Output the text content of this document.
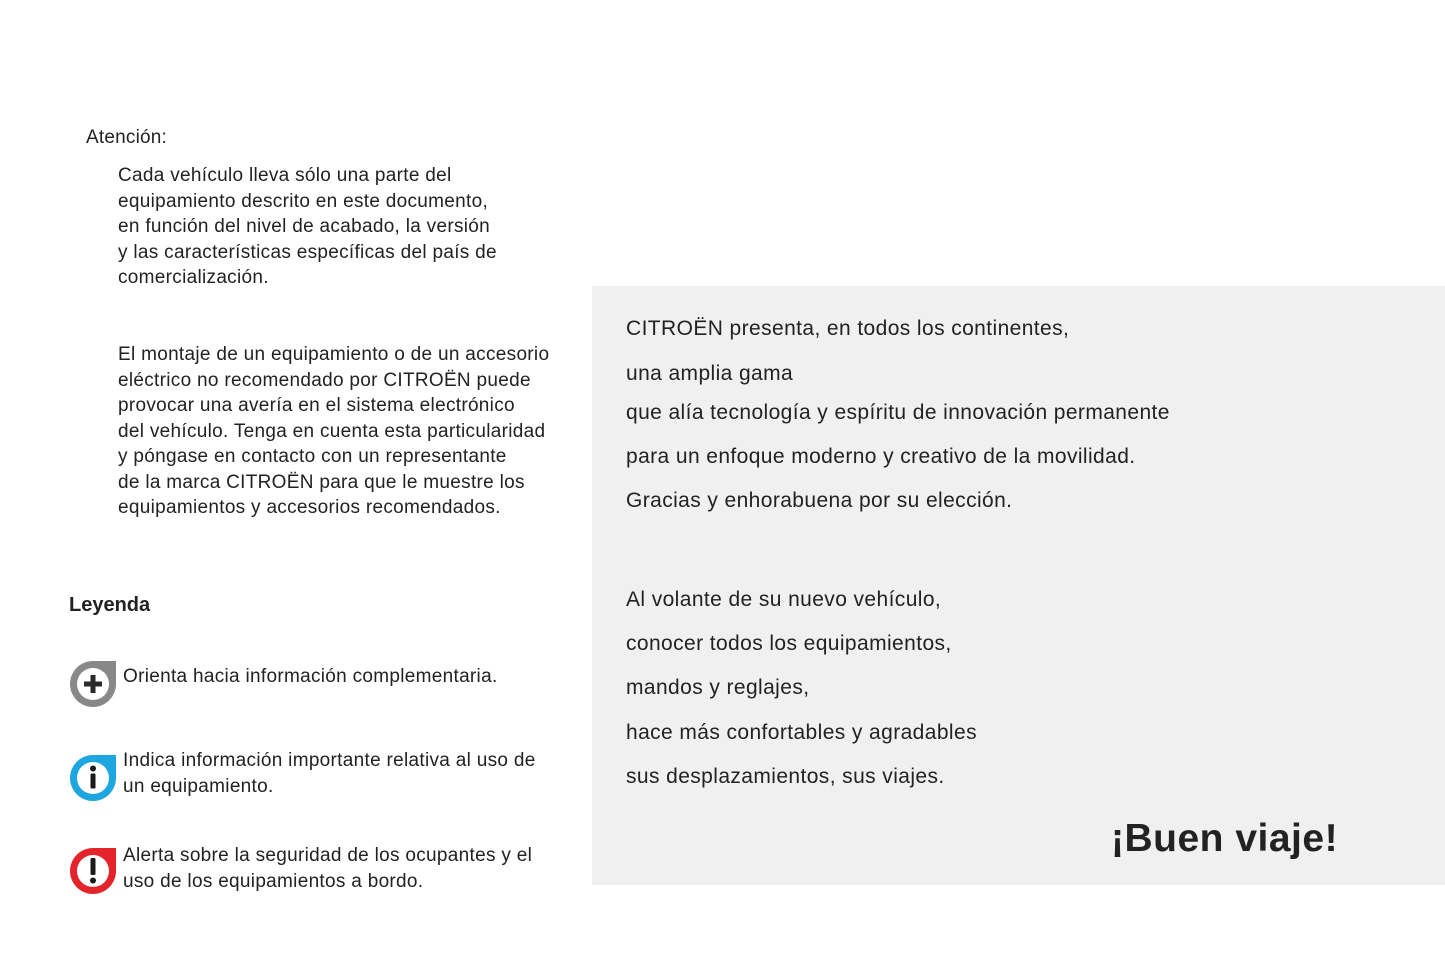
Atención:
Cada vehículo lleva sólo una parte del
equipamiento descrito en este documento,
en función del nivel de acabado, la versión
y las características específicas del país de
comercialización.
El montaje de un equipamiento o de un accesorio
eléctrico no recomendado por CITROËN puede
provocar una avería en el sistema electrónico
del vehículo. Tenga en cuenta esta particularidad
y póngase en contacto con un representante
de la marca CITROËN para que le muestre los
equipamientos y accesorios recomendados.
Leyenda
Orienta hacia información complementaria.
Indica información importante relativa al uso de
un equipamiento.
Alerta sobre la seguridad de los ocupantes y el
uso de los equipamientos a bordo.
CITROËN presenta, en todos los continentes,
una amplia gama
que alía tecnología y espíritu de innovación permanente
para un enfoque moderno y creativo de la movilidad.
Gracias y enhorabuena por su elección.
Al volante de su nuevo vehículo,
conocer todos los equipamientos,
mandos y reglajes,
hace más confortables y agradables
sus desplazamientos, sus viajes.
¡Buen viaje!
